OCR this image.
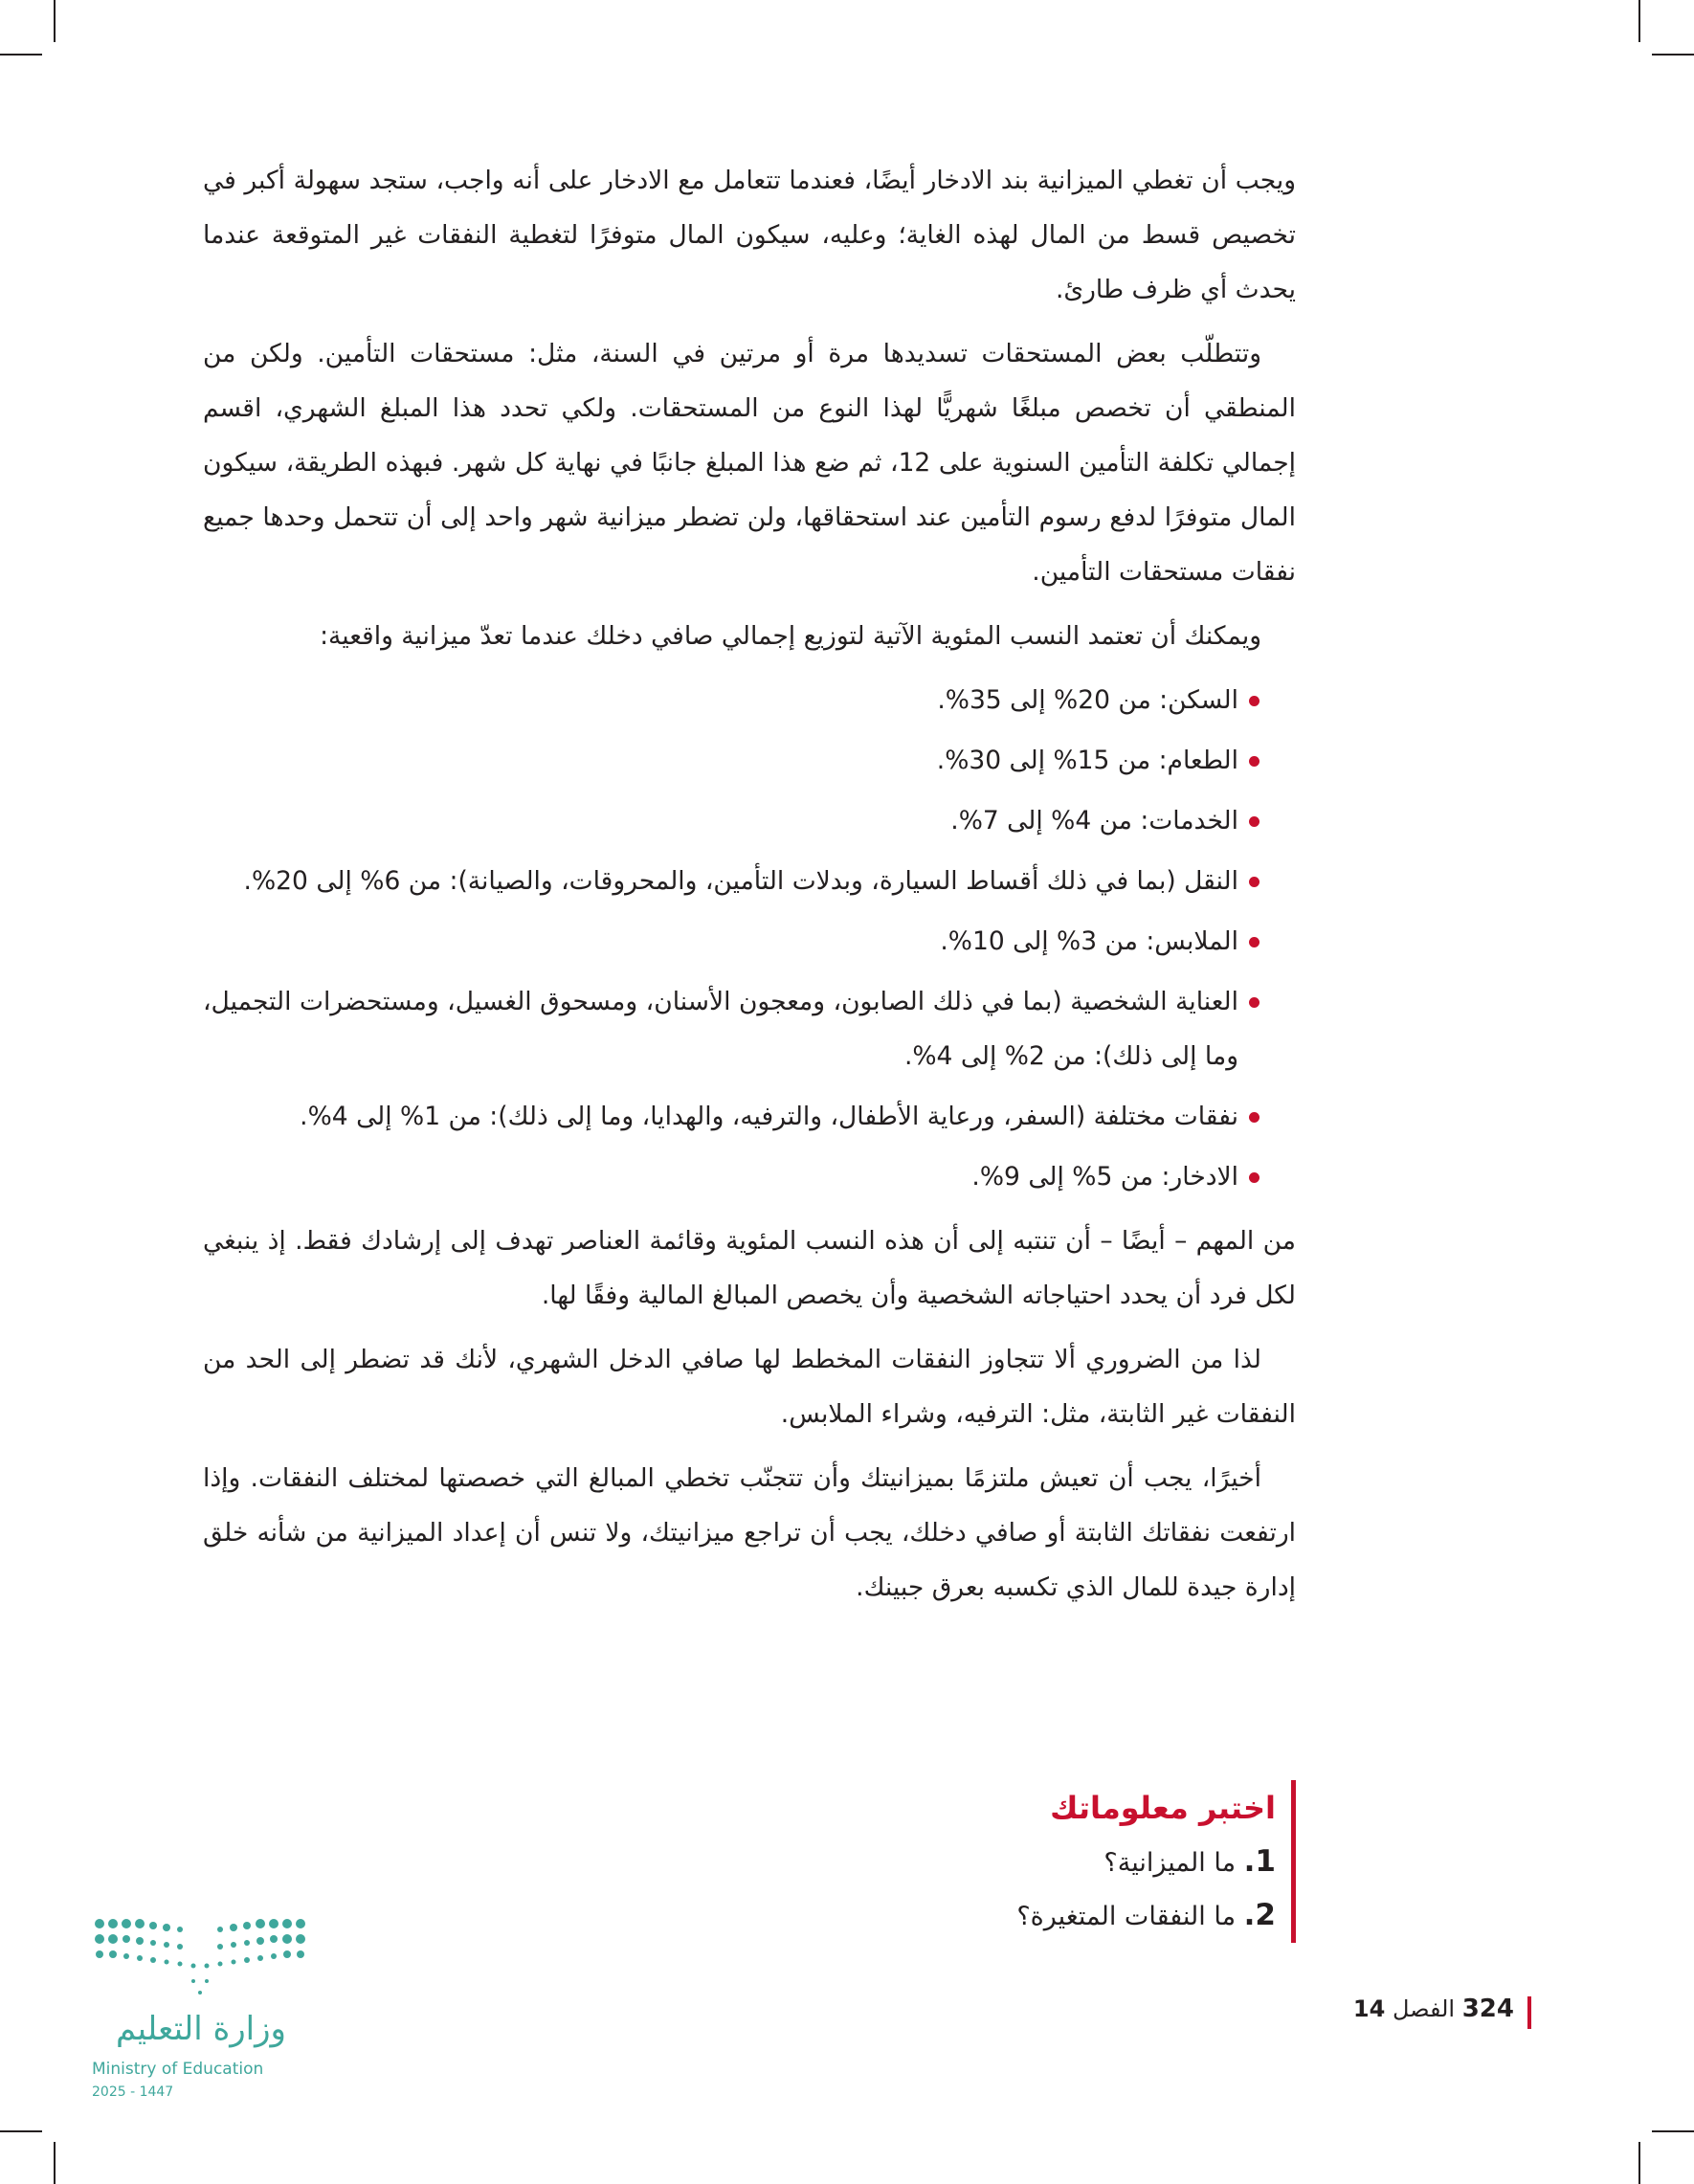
ويجب أن تغطي الميزانية بند الادخار أيضًا، فعندما تتعامل مع الادخار على أنه واجب، ستجد سهولة أكبر في تخصيص قسط من المال لهذه الغاية؛ وعليه، سيكون المال متوفرًا لتغطية النفقات غير المتوقعة عندما يحدث أي ظرف طارئ.

وتتطلّب بعض المستحقات تسديدها مرة أو مرتين في السنة، مثل: مستحقات التأمين. ولكن من المنطقي أن تخصص مبلغًا شهريًّا لهذا النوع من المستحقات. ولكي تحدد هذا المبلغ الشهري، اقسم إجمالي تكلفة التأمين السنوية على 12، ثم ضع هذا المبلغ جانبًا في نهاية كل شهر. فبهذه الطريقة، سيكون المال متوفرًا لدفع رسوم التأمين عند استحقاقها، ولن تضطر ميزانية شهر واحد إلى أن تتحمل وحدها جميع نفقات مستحقات التأمين.

ويمكنك أن تعتمد النسب المئوية الآتية لتوزيع إجمالي صافي دخلك عندما تعدّ ميزانية واقعية:

السكن: من 20% إلى 35%.
الطعام: من 15% إلى 30%.
الخدمات: من 4% إلى 7%.
النقل (بما في ذلك أقساط السيارة، وبدلات التأمين، والمحروقات، والصيانة): من 6% إلى 20%.
الملابس: من 3% إلى 10%.
العناية الشخصية (بما في ذلك الصابون، ومعجون الأسنان، ومسحوق الغسيل، ومستحضرات التجميل، وما إلى ذلك): من 2% إلى 4%.
نفقات مختلفة (السفر، ورعاية الأطفال، والترفيه، والهدايا، وما إلى ذلك): من 1% إلى 4%.
الادخار: من 5% إلى 9%.

من المهم – أيضًا – أن تنتبه إلى أن هذه النسب المئوية وقائمة العناصر تهدف إلى إرشادك فقط. إذ ينبغي لكل فرد أن يحدد احتياجاته الشخصية وأن يخصص المبالغ المالية وفقًا لها.

لذا من الضروري ألا تتجاوز النفقات المخطط لها صافي الدخل الشهري، لأنك قد تضطر إلى الحد من النفقات غير الثابتة، مثل: الترفيه، وشراء الملابس.

أخيرًا، يجب أن تعيش ملتزمًا بميزانيتك وأن تتجنّب تخطي المبالغ التي خصصتها لمختلف النفقات. وإذا ارتفعت نفقاتك الثابتة أو صافي دخلك، يجب أن تراجع ميزانيتك، ولا تنس أن إعداد الميزانية من شأنه خلق إدارة جيدة للمال الذي تكسبه بعرق جبينك.

اختبر معلوماتك
1. ما الميزانية؟
2. ما النفقات المتغيرة؟
وزارة التعليم
Ministry of Education
2025 - 1447
324 الفصل 14
